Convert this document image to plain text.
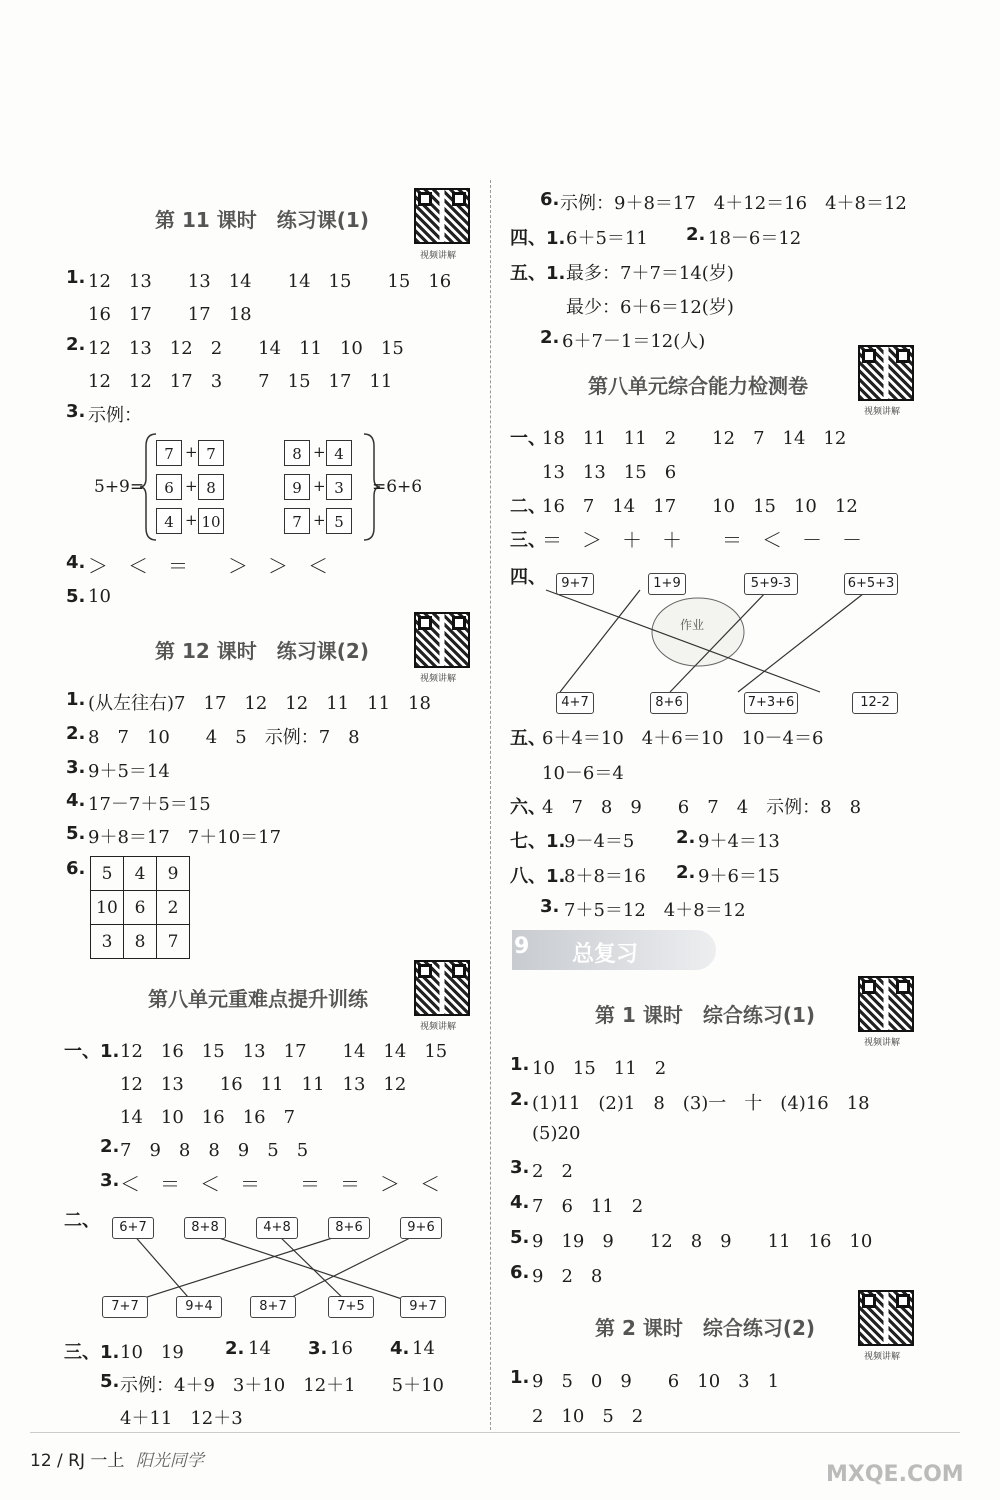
第 11 课时　练习课(1)
视频讲解
1. 12　13　　13　14　　14　15　　15　16
16　17　　17　18
2. 12　13　12　2　　14　11　10　15
12　12　17　3　　7　15　17　11
3. 示例：
5+9=
7 + 7
6 + 8
4 + 10
8 + 4
9 + 3
7 + 5
=6+6
4. ＞　＜　＝　　＞　＞　＜
5. 10
第 12 课时　练习课(2)
视频讲解
1. (从左往右)7　17　12　12　11　11　18
2. 8　7　10　　4　5　示例：7　8
3. 9＋5＝14
4. 17－7＋5＝15
5. 9＋8＝17　7＋10＝17
6. 5	4	9
10	6	2
3	8	7
第八单元重难点提升训练
视频讲解
一、1. 12　16　15　13　17　　14　14　15
12　13　　16　11　11　13　12
14　10　16　16　7
2. 7　9　8　8　9　5　5
3. ＜　＝　＜　＝　　＝　＝　＞　＜
二、	6+7	8+8	4+8	8+6	9+6
7+7	9+4	8+7	7+5	9+7
三、1. 10　19 2. 14 3. 16 4. 14
5. 示例：4＋9　3＋10　12＋1　　5＋10
4＋11　12＋3
6. 示例：9＋8＝17　4＋12＝16　4＋8＝12
四、1. 6＋5＝11 2. 18－6＝12
五、1. 最多：7＋7＝14(岁)
最少：6＋6＝12(岁)
2. 6＋7－1＝12(人)
第八单元综合能力检测卷
视频讲解
一、
18　11　11　2　　12　7　14　12
13　13　15　6
二、
16　7　14　17　　10　15　10　12
三、
＝　＞　＋　＋　　＝　＜　－　－
四、
作业
9+7	1+9	5+9-3	6+5+3
4+7	8+6	7+3+6	12-2
五、
6＋4＝10　4＋6＝10　10－4＝6
10－6＝4
六、
4　7　8　9　　6　7　4　示例：8　8
七、1.
9－4＝5 2. 9＋4＝13
八、1.
8＋8＝16 2. 9＋6＝15
3. 7＋5＝12　4＋8＝12
9 总复习
第 1 课时　综合练习(1)
视频讲解
1. 10　15　11　2
2. (1)11　(2)1　8　(3)一　十　(4)16　18
(5)20
3. 2　2
4. 7　6　11　2
5. 9　19　9　　12　8　9　　11　16　10
6. 9　2　8
第 2 课时　综合练习(2)
视频讲解
1. 9　5　0　9　　6　10　3　1
2　10　5　2
12 / RJ 一上 阳光同学
MXQE.COM
